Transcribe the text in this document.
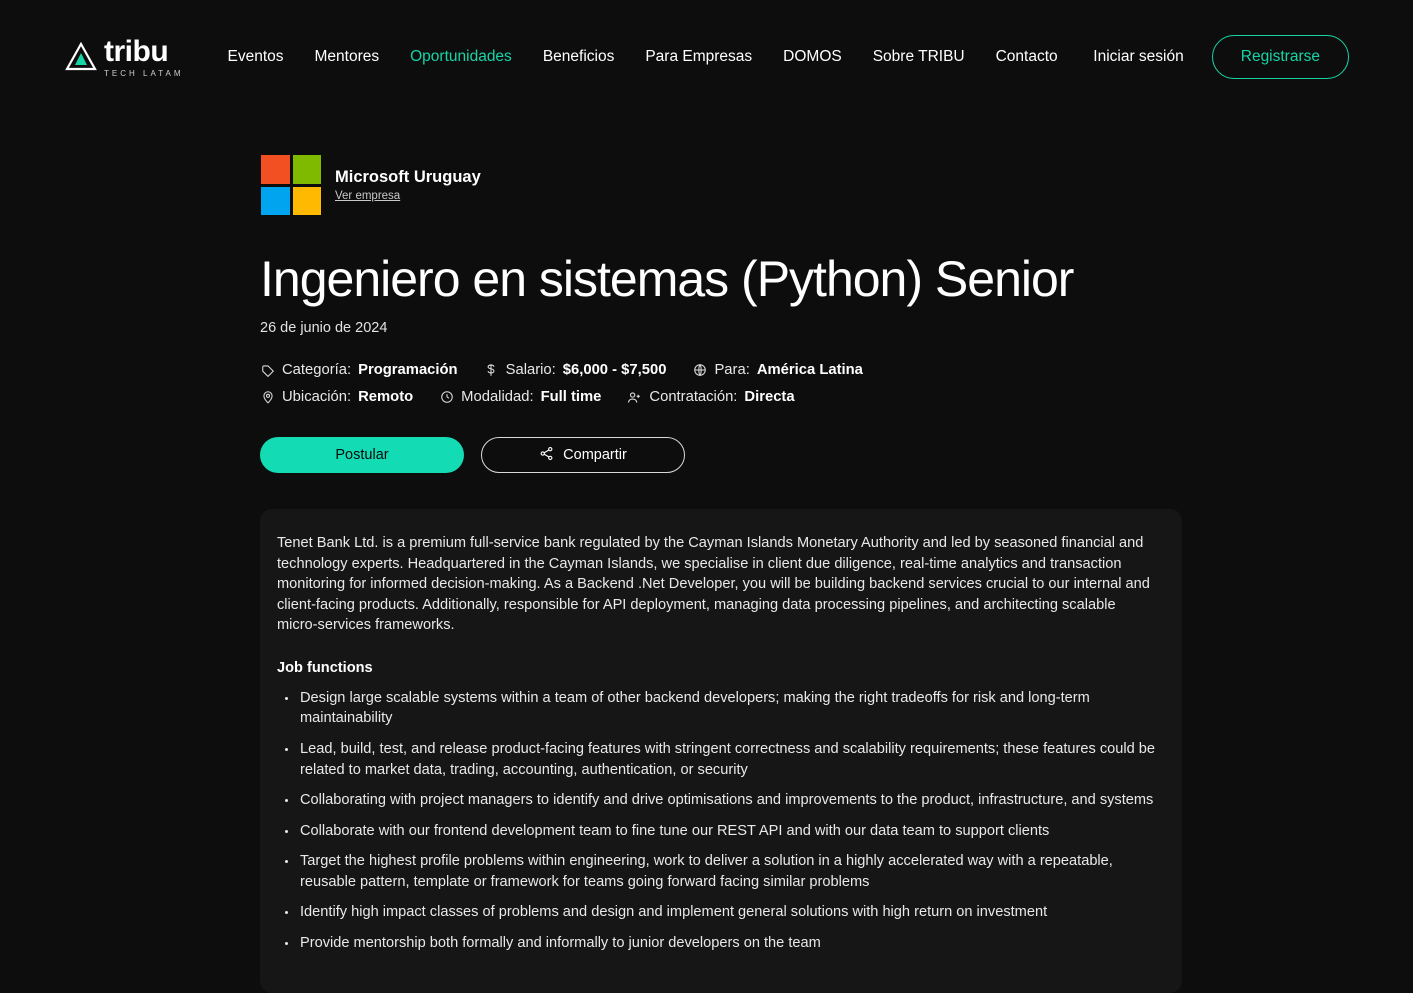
tribu
TECH LATAM
Eventos Mentores Oportunidades Beneficios Para Empresas DOMOS Sobre TRIBU Contacto Iniciar sesión	Registrarse
Microsoft Uruguay
Ver empresa
Ingeniero en sistemas (Python) Senior
26 de junio de 2024
Categoría: Programación	Salario: $6,000 - $7,500	Para: América Latina
Ubicación: Remoto	Modalidad: Full time	Contratación: Directa
Postular	Compartir

Tenet Bank Ltd. is a premium full-service bank regulated by the Cayman Islands Monetary Authority and led by seasoned financial and technology experts. Headquartered in the Cayman Islands, we specialise in client due diligence, real-time analytics and transaction monitoring for informed decision-making. As a Backend .Net Developer, you will be building backend services crucial to our internal and client-facing products. Additionally, responsible for API deployment, managing data processing pipelines, and architecting scalable micro-services frameworks.

Job functions
Design large scalable systems within a team of other backend developers; making the right tradeoffs for risk and long-term maintainability
Lead, build, test, and release product-facing features with stringent correctness and scalability requirements; these features could be related to market data, trading, accounting, authentication, or security
Collaborating with project managers to identify and drive optimisations and improvements to the product, infrastructure, and systems
Collaborate with our frontend development team to fine tune our REST API and with our data team to support clients
Target the highest profile problems within engineering, work to deliver a solution in a highly accelerated way with a repeatable, reusable pattern, template or framework for teams going forward facing similar problems
Identify high impact classes of problems and design and implement general solutions with high return on investment
Provide mentorship both formally and informally to junior developers on the team
